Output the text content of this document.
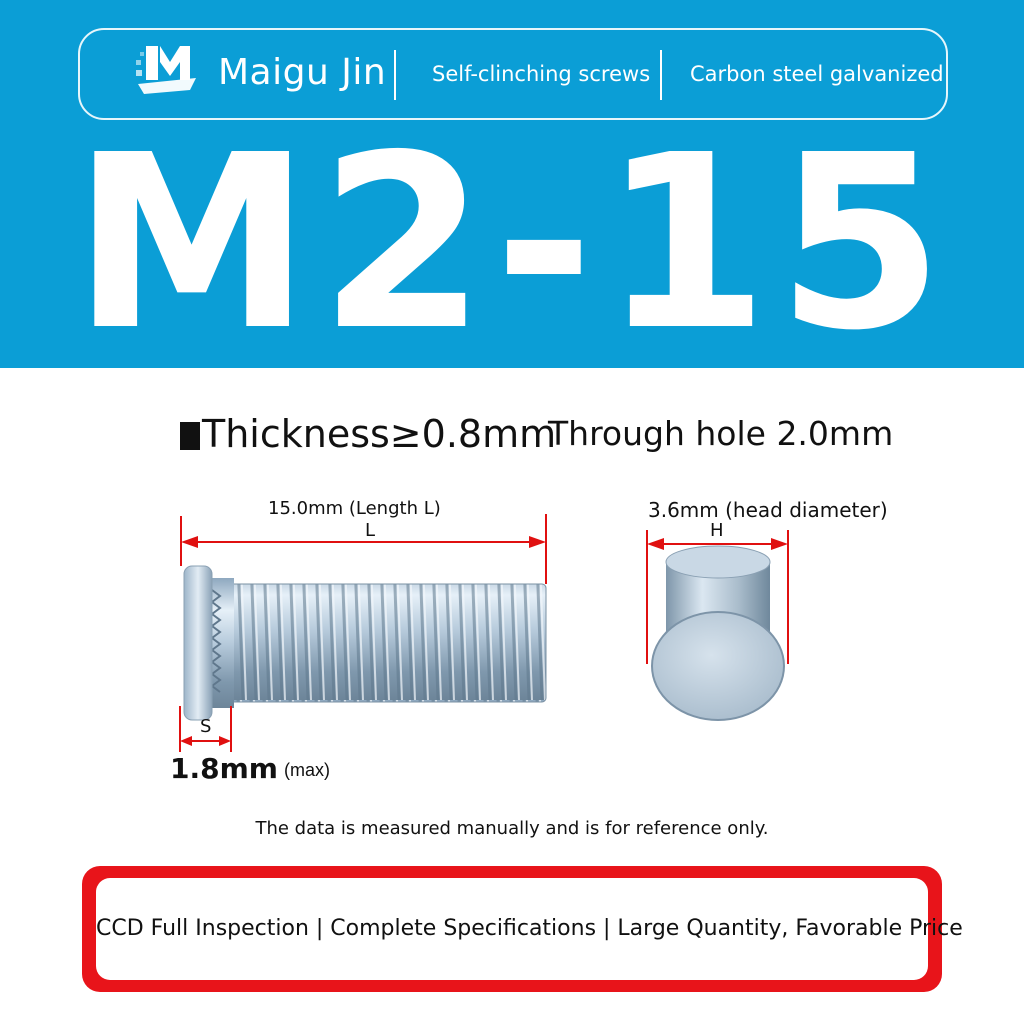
Maigu Jin Self-clinching screws Carbon steel galvanized
M2-15
Thickness≥0.8mm
Through hole 2.0mm
15.0mm (Length L)
L
3.6mm (head diameter)
H
S
1.8mm (max)
The data is measured manually and is for reference only.
CCD Full Inspection | Complete Specifications | Large Quantity, Favorable Price
